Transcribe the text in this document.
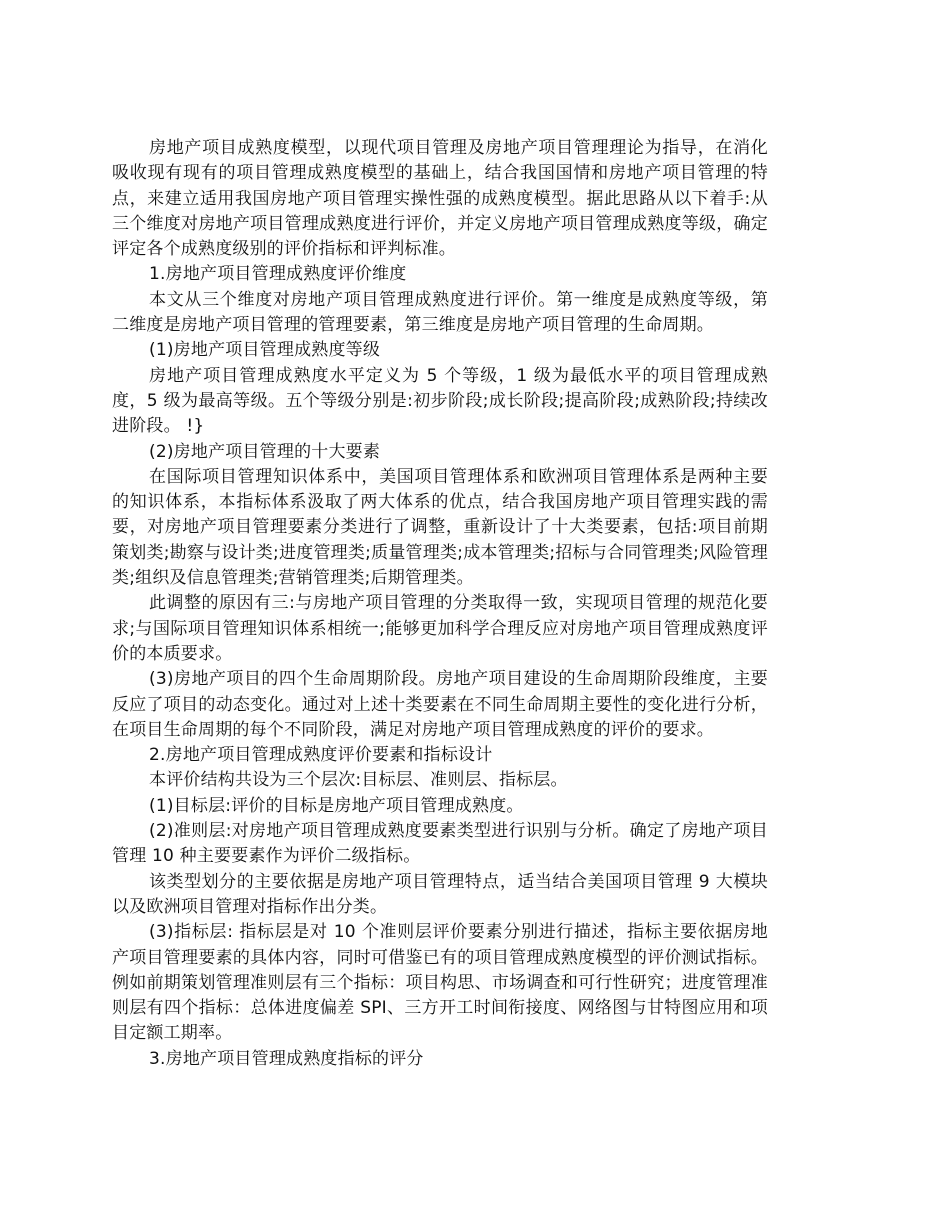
房地产项目成熟度模型，以现代项目管理及房地产项目管理理论为指导，在消化吸收现有现有的项目管理成熟度模型的基础上，结合我国国情和房地产项目管理的特点，来建立适用我国房地产项目管理实操性强的成熟度模型。据此思路从以下着手:从三个维度对房地产项目管理成熟度进行评价，并定义房地产项目管理成熟度等级，确定评定各个成熟度级别的评价指标和评判标准。

1.房地产项目管理成熟度评价维度

本文从三个维度对房地产项目管理成熟度进行评价。第一维度是成熟度等级，第二维度是房地产项目管理的管理要素，第三维度是房地产项目管理的生命周期。

(1)房地产项目管理成熟度等级

房地产项目管理成熟度水平定义为 5 个等级，1 级为最低水平的项目管理成熟度，5 级为最高等级。五个等级分别是:初步阶段;成长阶段;提高阶段;成熟阶段;持续改进阶段。 !}

(2)房地产项目管理的十大要素

在国际项目管理知识体系中，美国项目管理体系和欧洲项目管理体系是两种主要的知识体系，本指标体系汲取了两大体系的优点，结合我国房地产项目管理实践的需要，对房地产项目管理要素分类进行了调整，重新设计了十大类要素，包括:项目前期策划类;勘察与设计类;进度管理类;质量管理类;成本管理类;招标与合同管理类;风险管理类;组织及信息管理类;营销管理类;后期管理类。

此调整的原因有三:与房地产项目管理的分类取得一致，实现项目管理的规范化要求;与国际项目管理知识体系相统一;能够更加科学合理反应对房地产项目管理成熟度评价的本质要求。

(3)房地产项目的四个生命周期阶段。房地产项目建设的生命周期阶段维度，主要反应了项目的动态变化。通过对上述十类要素在不同生命周期主要性的变化进行分析，在项目生命周期的每个不同阶段，满足对房地产项目管理成熟度的评价的要求。

2.房地产项目管理成熟度评价要素和指标设计

本评价结构共设为三个层次:目标层、准则层、指标层。

(1)目标层:评价的目标是房地产项目管理成熟度。

(2)准则层:对房地产项目管理成熟度要素类型进行识别与分析。确定了房地产项目管理 10 种主要要素作为评价二级指标。

该类型划分的主要依据是房地产项目管理特点，适当结合美国项目管理 9 大模块以及欧洲项目管理对指标作出分类。

(3)指标层: 指标层是对 10 个准则层评价要素分别进行描述，指标主要依据房地产项目管理要素的具体内容，同时可借鉴已有的项目管理成熟度模型的评价测试指标。例如前期策划管理准则层有三个指标：项目构思、市场调查和可行性研究；进度管理准则层有四个指标：总体进度偏差 SPI、三方开工时间衔接度、网络图与甘特图应用和项目定额工期率。

3.房地产项目管理成熟度指标的评分
